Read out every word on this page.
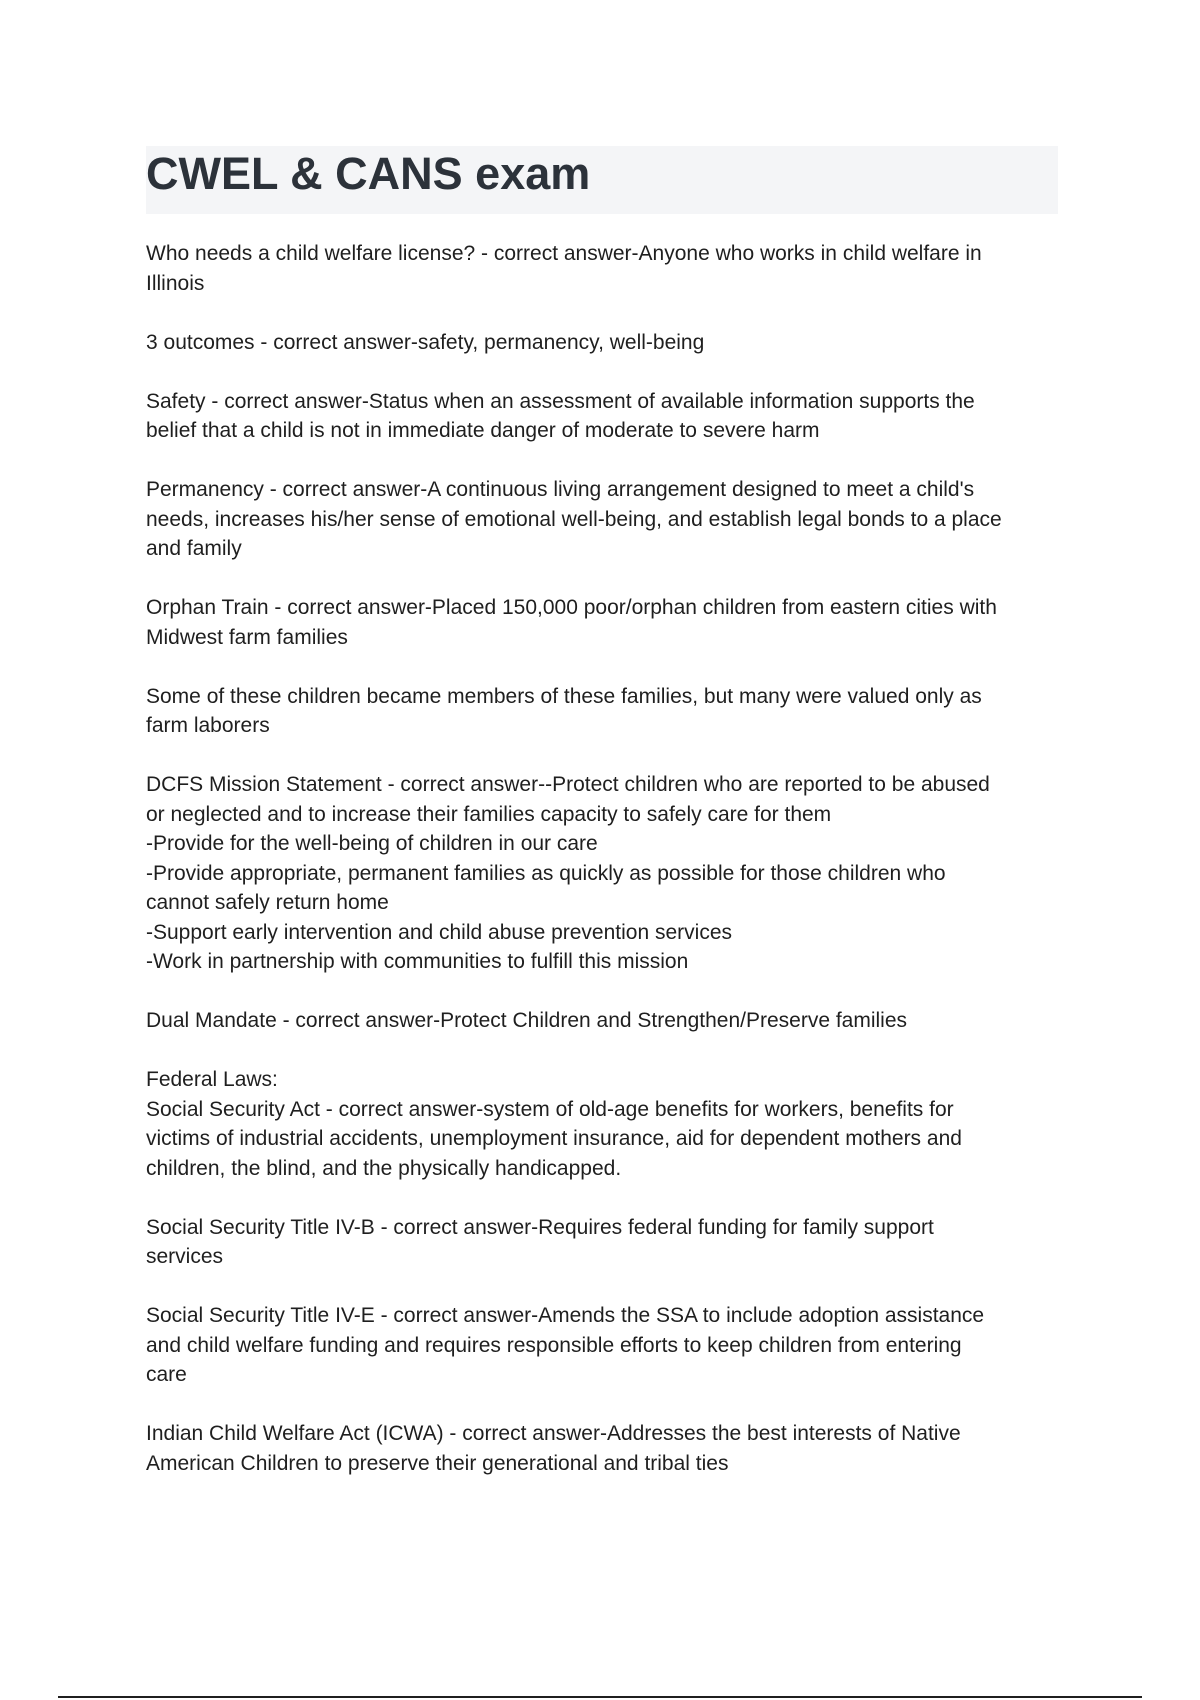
CWEL & CANS exam

Who needs a child welfare license? - correct answer-Anyone who works in child welfare in
Illinois

3 outcomes - correct answer-safety, permanency, well-being

Safety - correct answer-Status when an assessment of available information supports the
belief that a child is not in immediate danger of moderate to severe harm

Permanency - correct answer-A continuous living arrangement designed to meet a child's
needs, increases his/her sense of emotional well-being, and establish legal bonds to a place
and family

Orphan Train - correct answer-Placed 150,000 poor/orphan children from eastern cities with
Midwest farm families

Some of these children became members of these families, but many were valued only as
farm laborers

DCFS Mission Statement - correct answer--Protect children who are reported to be abused
or neglected and to increase their families capacity to safely care for them
-Provide for the well-being of children in our care
-Provide appropriate, permanent families as quickly as possible for those children who
cannot safely return home
-Support early intervention and child abuse prevention services
-Work in partnership with communities to fulfill this mission

Dual Mandate - correct answer-Protect Children and Strengthen/Preserve families

Federal Laws:

Social Security Act - correct answer-system of old-age benefits for workers, benefits for
victims of industrial accidents, unemployment insurance, aid for dependent mothers and
children, the blind, and the physically handicapped.

Social Security Title IV-B - correct answer-Requires federal funding for family support
services

Social Security Title IV-E - correct answer-Amends the SSA to include adoption assistance
and child welfare funding and requires responsible efforts to keep children from entering
care

Indian Child Welfare Act (ICWA) - correct answer-Addresses the best interests of Native
American Children to preserve their generational and tribal ties
